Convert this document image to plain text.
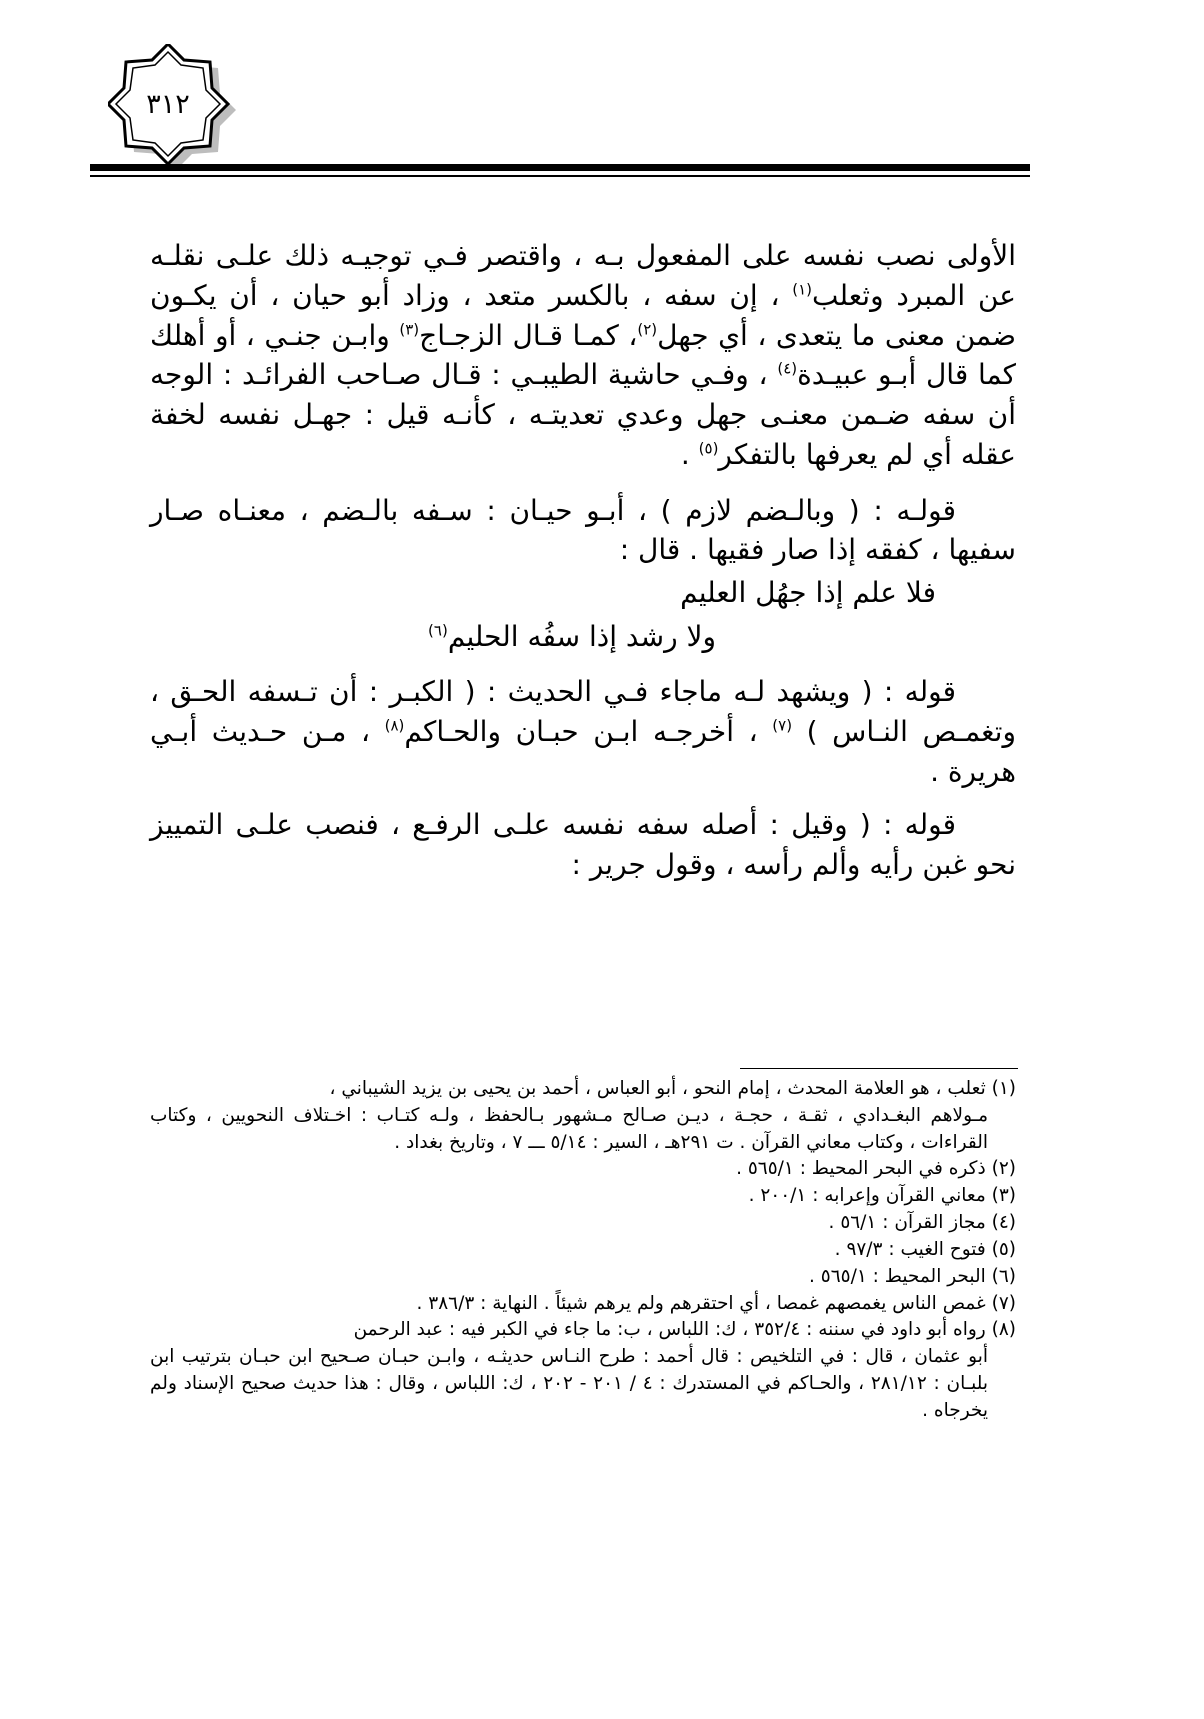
٣١٢

الأولى نصب نفسه على المفعول بـه ، واقتصر فـي توجيـه ذلك علـى نقلـه عن المبرد وثعلب$^{(١)}$ ، إن سفه ، بالكسر متعد ، وزاد أبو حيان ، أن يكـون ضمن معنى ما يتعدى ، أي جهل$^{(٢)}$، كمـا قـال الزجـاج$^{(٣)}$ وابـن جنـي ، أو أهلك كما قال أبـو عبيـدة$^{(٤)}$ ، وفـي حاشية الطيبـي : قـال صـاحب الفرائـد : الوجه أن سفه ضـمن معنـى جهل وعدي تعديتـه ، كأنـه قيل : جهـل نفسه لخفة عقله أي لم يعرفها بالتفكر$^{(٥)}$ .

قولـه : ( وبالـضم لازم ) ، أبـو حيـان : سـفه بالـضم ، معنـاه صـار سفيها ، كفقه إذا صار فقيها . قال :

فلا علم إذا جهُل العليم
ولا رشد إذا سفُه الحليم$^{(٦)}$

قوله : ( ويشهد لـه ماجاء فـي الحديث : ( الكبـر : أن تـسفه الحـق ، وتغمـص النـاس ) $^{(٧)}$ ، أخرجـه ابـن حبـان والحـاكم$^{(٨)}$ ، مـن حـديث أبـي هريرة .

قوله : ( وقيل : أصله سفه نفسه علـى الرفـع ، فنصب علـى التمييز نحو غبن رأيه وألم رأسه ، وقول جرير :

(١) ثعلب ، هو العلامة المحدث ، إمام النحو ، أبو العباس ، أحمد بن يحيى بن يزيد الشيباني ،
مـولاهم البغـدادي ، ثقـة ، حجـة ، ديـن صـالح مـشهور بـالحفظ ، ولـه كتـاب : اخـتلاف النحويين ، وكتاب القراءات ، وكتاب معاني القرآن . ت ٢٩١هـ ، السير : ٥/١٤ ـــ ٧ ، وتاريخ بغداد .

(٢) ذكره في البحر المحيط : ٥٦٥/١ .

(٣) معاني القرآن وإعرابه : ٢٠٠/١ .

(٤) مجاز القرآن : ٥٦/١ .

(٥) فتوح الغيب : ٩٧/٣ .

(٦) البحر المحيط : ٥٦٥/١ .

(٧) غمص الناس يغمصهم غمصا ، أي احتقرهم ولم يرهم شيئاً . النهاية : ٣٨٦/٣ .

(٨) رواه أبو داود في سننه : ٣٥٢/٤ ، ك: اللباس ، ب: ما جاء في الكبر فيه : عبد الرحمن
أبو عثمان ، قال : في التلخيص : قال أحمد : طرح النـاس حديثـه ، وابـن حبـان صـحيح ابن حبـان بترتيب ابن بلبـان : ٢٨١/١٢ ، والحـاكم في المستدرك : ٤ / ٢٠١ - ٢٠٢ ، ك: اللباس ، وقال : هذا حديث صحيح الإسناد ولم يخرجاه .
